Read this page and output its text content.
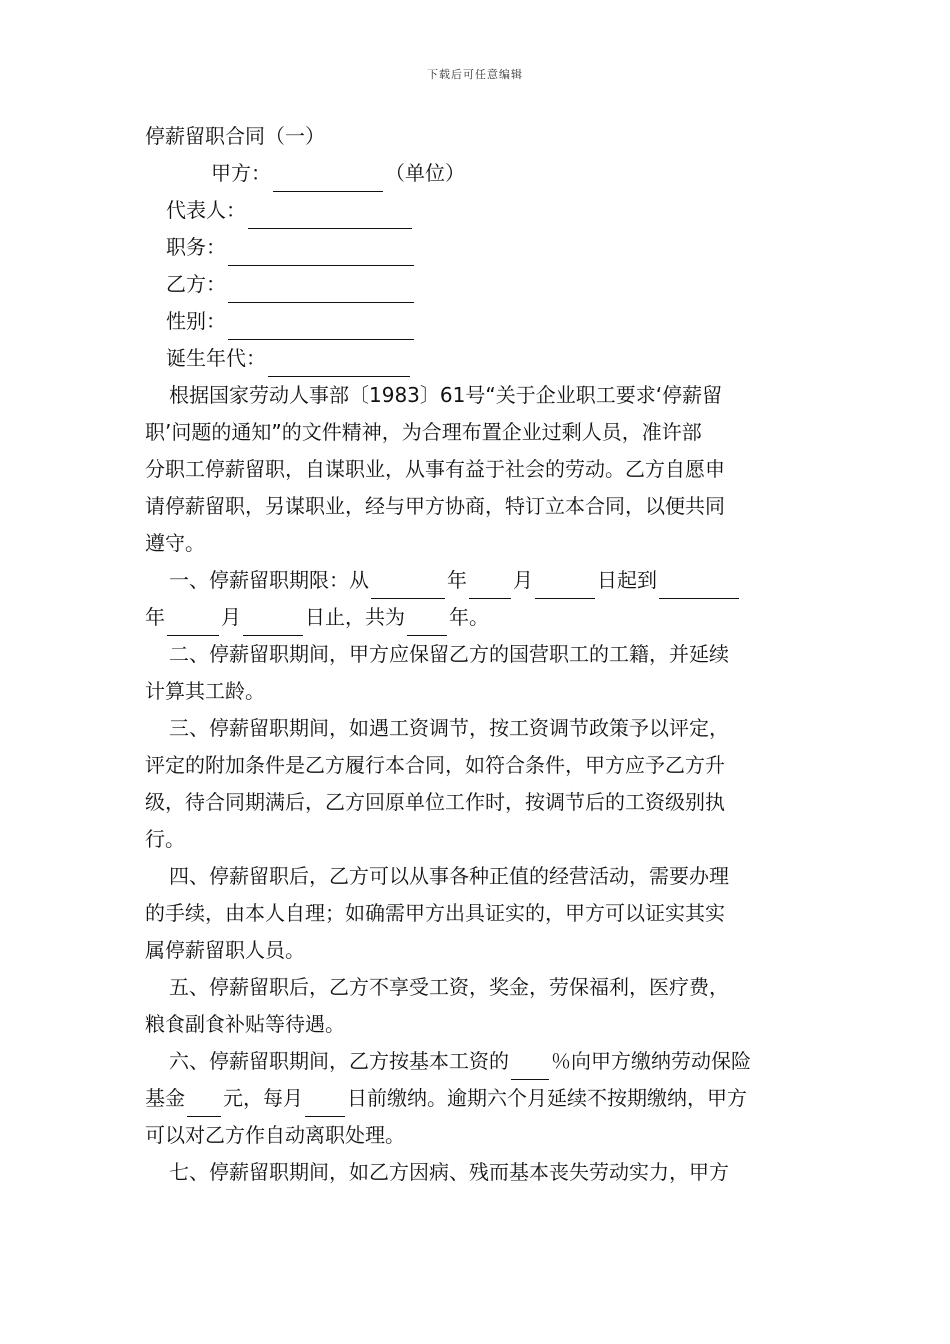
下载后可任意编辑
停薪留职合同（一）
甲方：	（单位）
代表人：
职务：
乙方：
性别：
诞生年代：
根据国家劳动人事部〔1983〕61号“关于企业职工要求‘停薪留
职’问题的通知”的文件精神，为合理布置企业过剩人员，准许部
分职工停薪留职，自谋职业，从事有益于社会的劳动。乙方自愿申
请停薪留职，另谋职业，经与甲方协商，特订立本合同，以便共同
遵守。
一、停薪留职期限：从	年 月	日起到
年	月	日止，共为 年。
二、停薪留职期间，甲方应保留乙方的国营职工的工籍，并延续
计算其工龄。
三、停薪留职期间，如遇工资调节，按工资调节政策予以评定，
评定的附加条件是乙方履行本合同，如符合条件，甲方应予乙方升
级，待合同期满后，乙方回原单位工作时，按调节后的工资级别执
行。
四、停薪留职后，乙方可以从事各种正值的经营活动，需要办理
的手续，由本人自理；如确需甲方出具证实的，甲方可以证实其实
属停薪留职人员。
五、停薪留职后，乙方不享受工资，奖金，劳保福利，医疗费，
粮食副食补贴等待遇。
六、停薪留职期间，乙方按基本工资的 ％向甲方缴纳劳动保险
基金 元，每月 日前缴纳。逾期六个月延续不按期缴纳，甲方
可以对乙方作自动离职处理。
七、停薪留职期间，如乙方因病、残而基本丧失劳动实力，甲方
